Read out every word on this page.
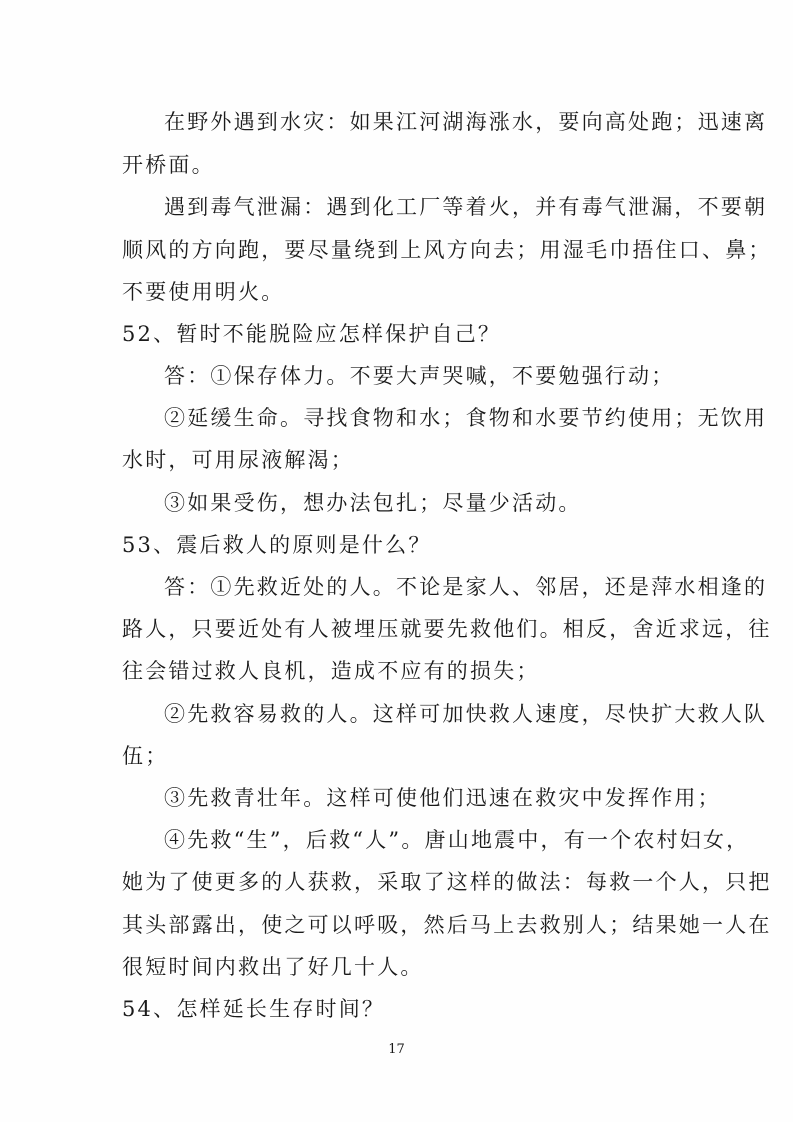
在野外遇到水灾：如果江河湖海涨水，要向高处跑；迅速离
开桥面。
遇到毒气泄漏：遇到化工厂等着火，并有毒气泄漏，不要朝
顺风的方向跑，要尽量绕到上风方向去；用湿毛巾捂住口、鼻；
不要使用明火。
52、暂时不能脱险应怎样保护自己？
答：①保存体力。不要大声哭喊，不要勉强行动；
②延缓生命。寻找食物和水；食物和水要节约使用；无饮用
水时，可用尿液解渴；
③如果受伤，想办法包扎；尽量少活动。
53、震后救人的原则是什么？
答：①先救近处的人。不论是家人、邻居，还是萍水相逢的
路人，只要近处有人被埋压就要先救他们。相反，舍近求远，往
往会错过救人良机，造成不应有的损失；
②先救容易救的人。这样可加快救人速度，尽快扩大救人队
伍；
③先救青壮年。这样可使他们迅速在救灾中发挥作用；
④先救“生”，后救“人”。唐山地震中，有一个农村妇女，
她为了使更多的人获救，采取了这样的做法：每救一个人，只把
其头部露出，使之可以呼吸，然后马上去救别人；结果她一人在
很短时间内救出了好几十人。
54、怎样延长生存时间？
17
